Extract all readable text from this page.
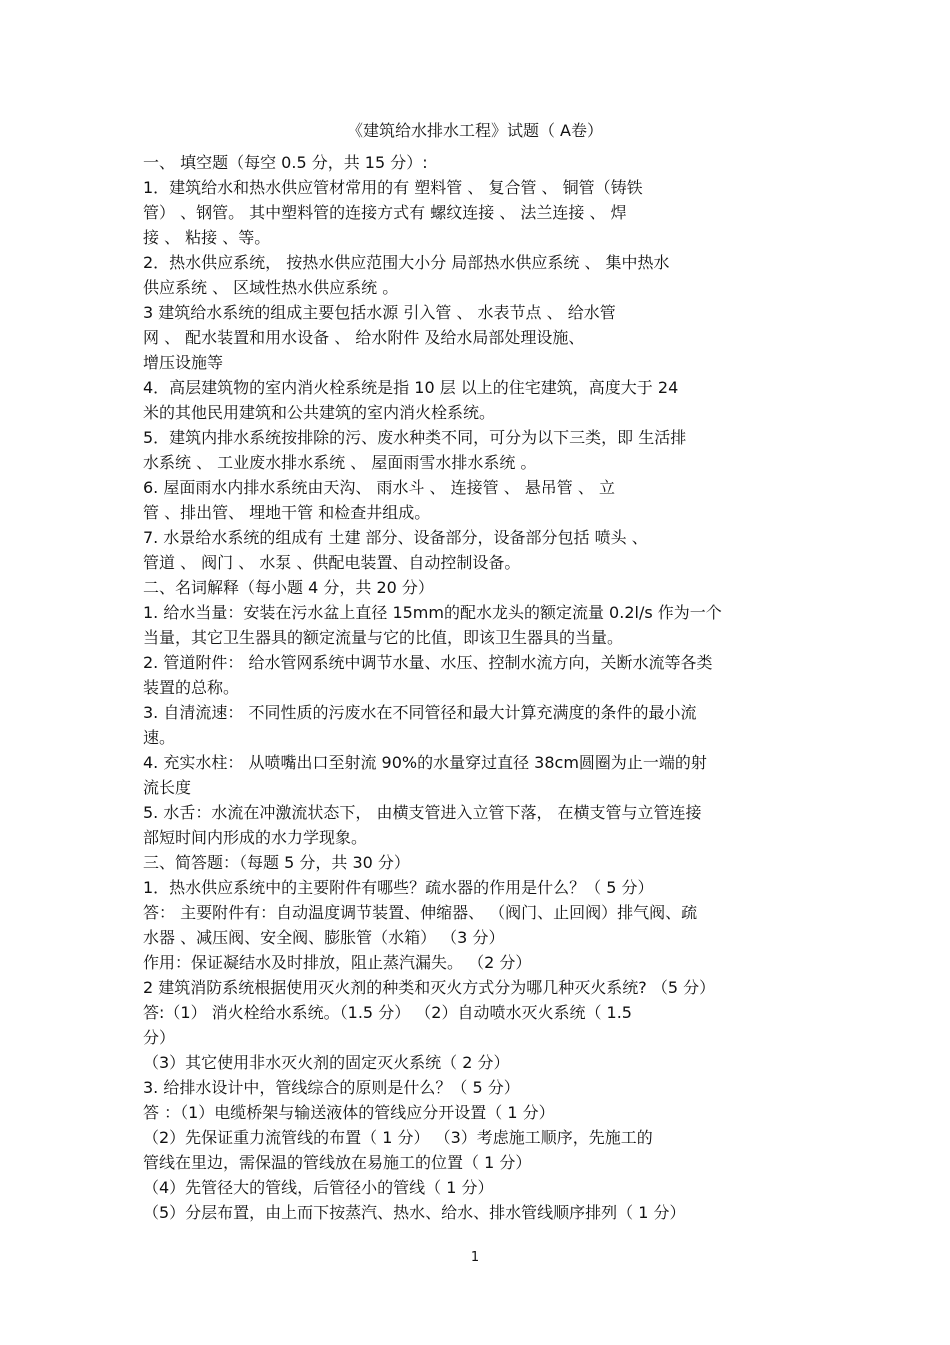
《建筑给水排水工程》试题（ A卷）
一、 填空题（每空 0.5 分，共 15 分）:
1．建筑给水和热水供应管材常用的有 塑料管 、 复合管 、 铜管（铸铁
管） 、钢管。 其中塑料管的连接方式有 螺纹连接 、 法兰连接 、 焊
接 、 粘接 、等。
2．热水供应系统， 按热水供应范围大小分 局部热水供应系统 、 集中热水
供应系统 、 区域性热水供应系统 。
3 建筑给水系统的组成主要包括水源 引入管 、 水表节点 、 给水管
网 、 配水装置和用水设备 、 给水附件 及给水局部处理设施、
增压设施等
4．高层建筑物的室内消火栓系统是指 10 层 以上的住宅建筑，高度大于 24
米的其他民用建筑和公共建筑的室内消火栓系统。
5．建筑内排水系统按排除的污、废水种类不同，可分为以下三类，即 生活排
水系统 、 工业废水排水系统 、 屋面雨雪水排水系统 。
6. 屋面雨水内排水系统由天沟、 雨水斗 、 连接管 、 悬吊管 、 立
管 、排出管、 埋地干管 和检查井组成。
7. 水景给水系统的组成有 土建 部分、设备部分，设备部分包括 喷头 、
管道 、 阀门 、 水泵 、供配电装置、自动控制设备。
二、名词解释（每小题 4 分，共 20 分）
1. 给水当量：安装在污水盆上直径 15mm的配水龙头的额定流量 0.2l/s 作为一个
当量，其它卫生器具的额定流量与它的比值，即该卫生器具的当量。
2. 管道附件： 给水管网系统中调节水量、水压、控制水流方向，关断水流等各类
装置的总称。
3. 自清流速： 不同性质的污废水在不同管径和最大计算充满度的条件的最小流
速。
4. 充实水柱： 从喷嘴出口至射流 90%的水量穿过直径 38cm圆圈为止一端的射
流长度
5. 水舌：水流在冲激流状态下， 由横支管进入立管下落， 在横支管与立管连接
部短时间内形成的水力学现象。
三、简答题：（每题 5 分，共 30 分）
1．热水供应系统中的主要附件有哪些？疏水器的作用是什么？（ 5 分）
答： 主要附件有：自动温度调节装置、伸缩器、 （阀门、止回阀）排气阀、疏
水器 、减压阀、安全阀、膨胀管（水箱） （3 分）
作用：保证凝结水及时排放，阻止蒸汽漏失。 （2 分）
2 建筑消防系统根据使用灭火剂的种类和灭火方式分为哪几种灭火系统? （5 分）
答:（1） 消火栓给水系统。（1.5 分） （2）自动喷水灭火系统（ 1.5
分）
（3）其它使用非水灭火剂的固定灭火系统（ 2 分）
3. 给排水设计中，管线综合的原则是什么？（ 5 分）
答 ：（1）电缆桥架与输送液体的管线应分开设置（ 1 分）
（2）先保证重力流管线的布置（ 1 分） （3）考虑施工顺序，先施工的
管线在里边，需保温的管线放在易施工的位置（ 1 分）
（4）先管径大的管线，后管径小的管线（ 1 分）
（5）分层布置，由上而下按蒸汽、热水、给水、排水管线顺序排列（ 1 分）
1
